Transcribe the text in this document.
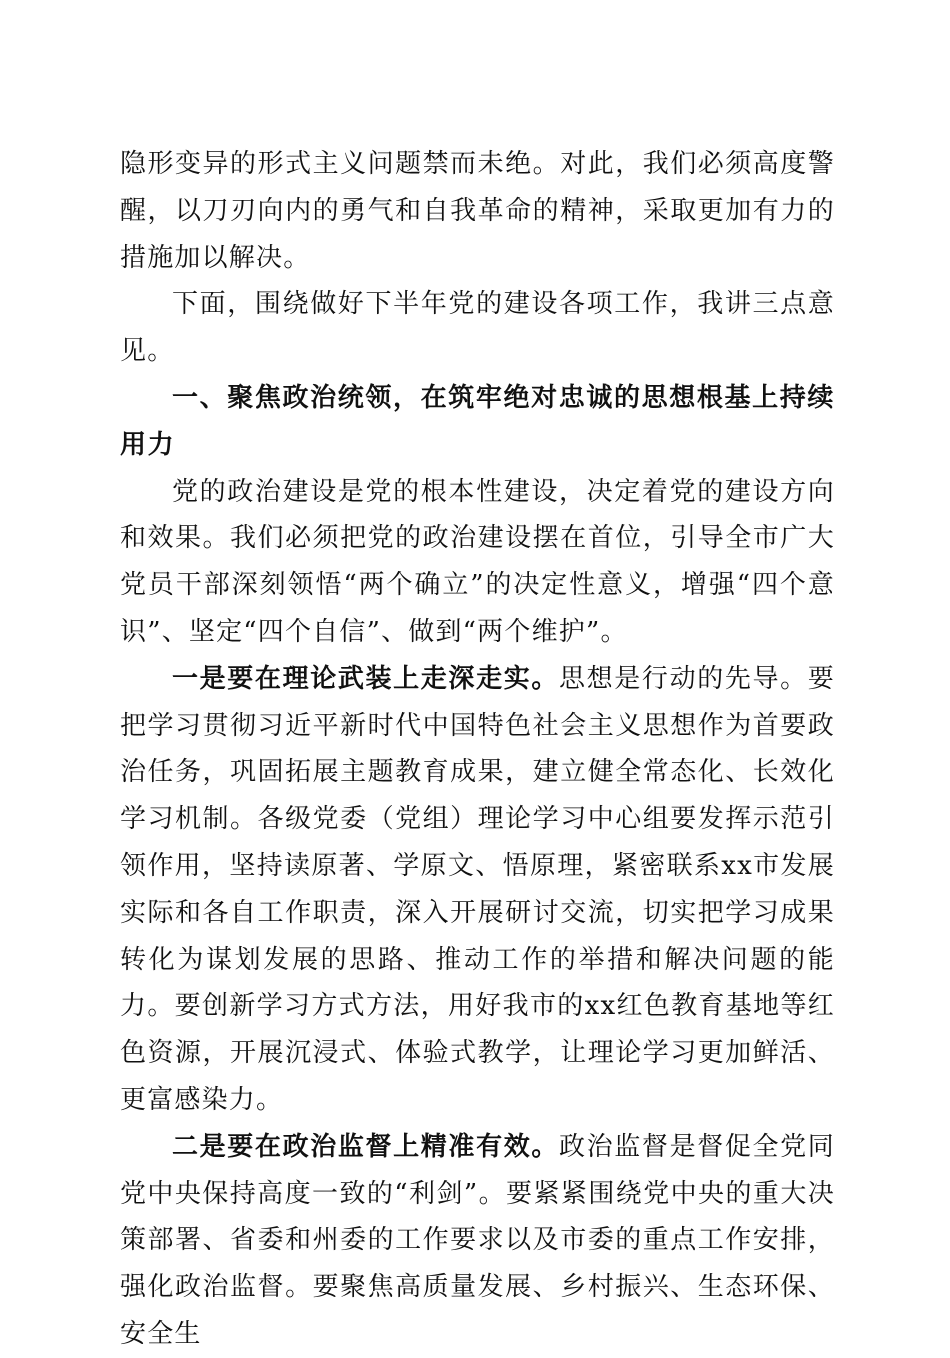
隐形变异的形式主义问题禁而未绝。对此，我们必须高度警醒，以刀刃向内的勇气和自我革命的精神，采取更加有力的措施加以解决。

下面，围绕做好下半年党的建设各项工作，我讲三点意见。

一、聚焦政治统领，在筑牢绝对忠诚的思想根基上持续用力

党的政治建设是党的根本性建设，决定着党的建设方向和效果。我们必须把党的政治建设摆在首位，引导全市广大党员干部深刻领悟“两个确立”的决定性意义，增强“四个意识”、坚定“四个自信”、做到“两个维护”。

一是要在理论武装上走深走实。思想是行动的先导。要把学习贯彻习近平新时代中国特色社会主义思想作为首要政治任务，巩固拓展主题教育成果，建立健全常态化、长效化学习机制。各级党委（党组）理论学习中心组要发挥示范引领作用，坚持读原著、学原文、悟原理，紧密联系xx市发展实际和各自工作职责，深入开展研讨交流，切实把学习成果转化为谋划发展的思路、推动工作的举措和解决问题的能力。要创新学习方式方法，用好我市的xx红色教育基地等红色资源，开展沉浸式、体验式教学，让理论学习更加鲜活、更富感染力。

二是要在政治监督上精准有效。政治监督是督促全党同党中央保持高度一致的“利剑”。要紧紧围绕党中央的重大决策部署、省委和州委的工作要求以及市委的重点工作安排，强化政治监督。要聚焦高质量发展、乡村振兴、生态环保、安全生
